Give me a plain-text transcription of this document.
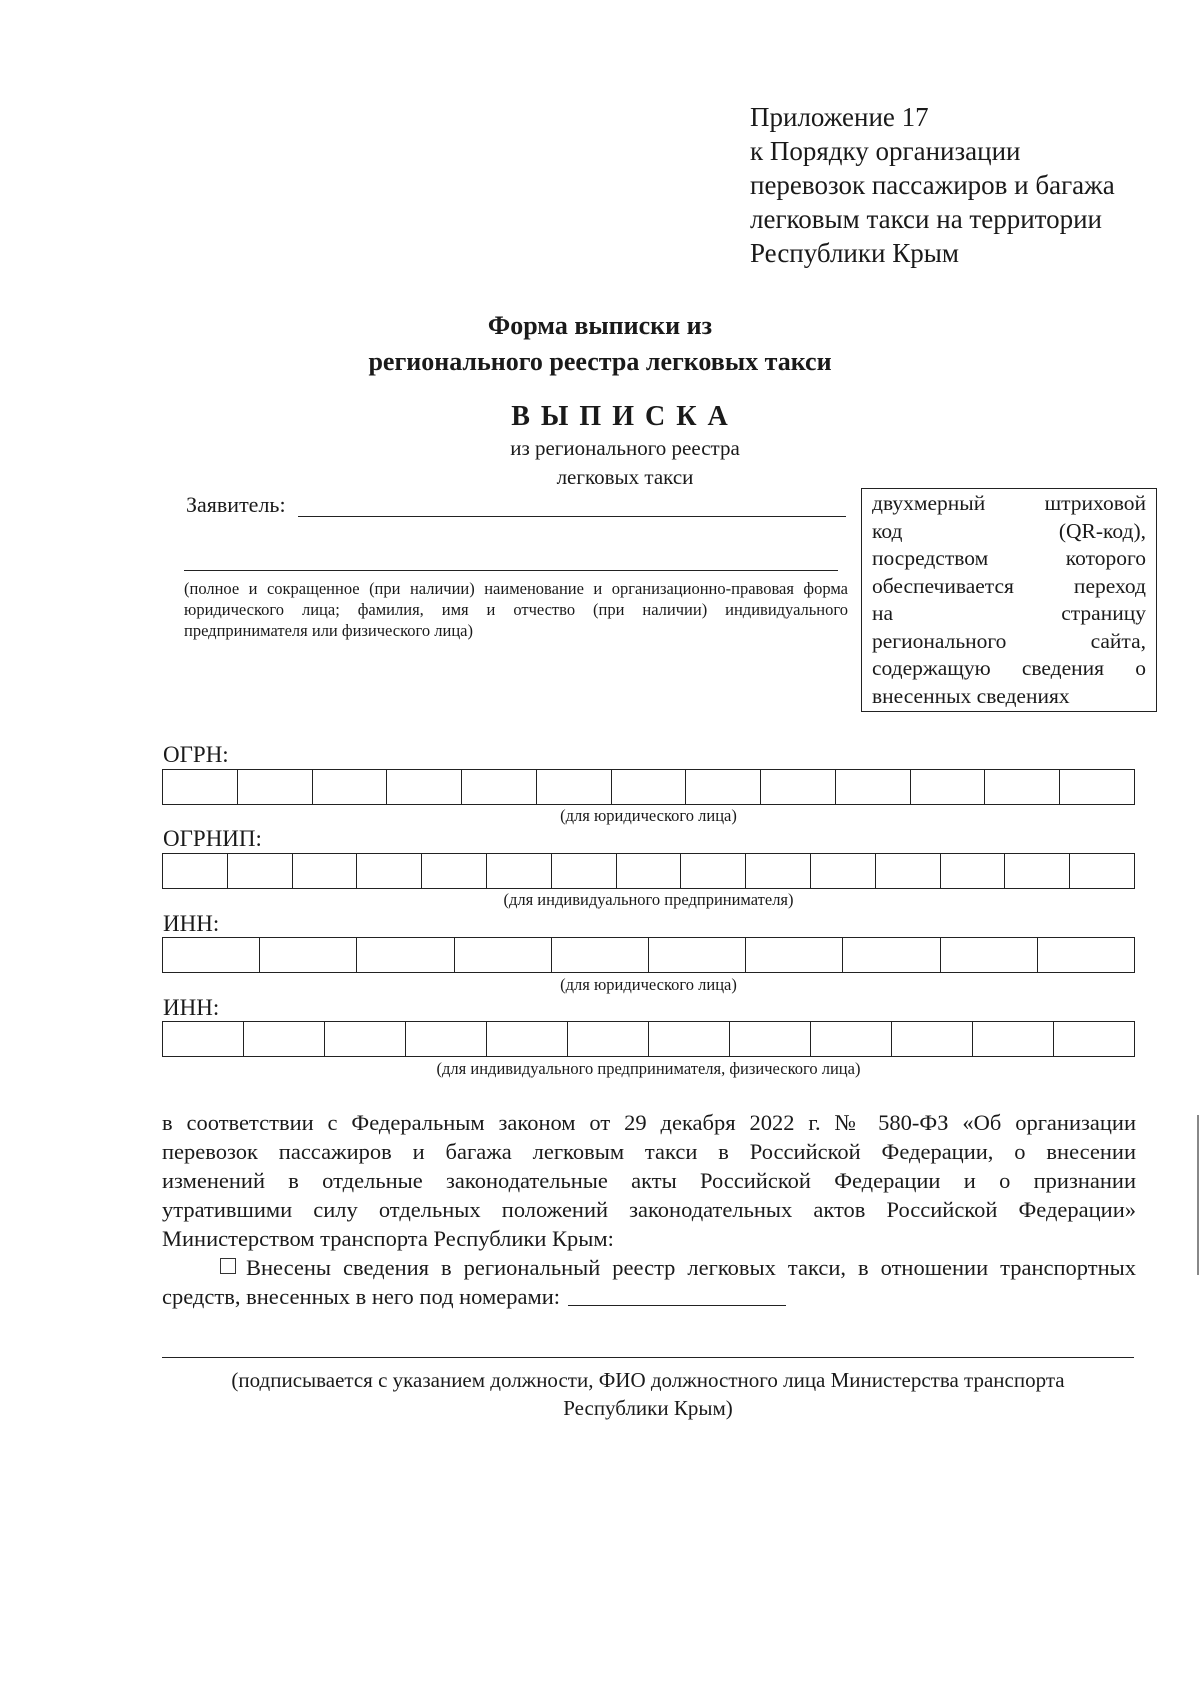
Приложение 17
к Порядку организации
перевозок пассажиров и багажа
легковым такси на территории
Республики Крым
Форма выписки из
регионального реестра легковых такси
ВЫПИСКА
из регионального реестра
легковых такси
Заявитель:
(полное и сокращенное (при наличии) наименование и организационно-правовая форма юридического лица; фамилия, имя и отчество (при наличии) индивидуального предпринимателя или физического лица)
двухмерный штриховой
код (QR-код),
посредством которого
обеспечивается переход
на страницу
регионального сайта,
содержащую сведения о
внесенных сведениях
ОГРН:
(для юридического лица)
ОГРНИП:
(для индивидуального предпринимателя)
ИНН:
(для юридического лица)
ИНН:
(для индивидуального предпринимателя, физического лица)
в соответствии с Федеральным законом от 29 декабря 2022 г. № 580-ФЗ «Об организации
перевозок пассажиров и багажа легковым такси в Российской Федерации, о внесении
изменений в отдельные законодательные акты Российской Федерации и о признании
утратившими силу отдельных положений законодательных актов Российской Федерации»
Министерством транспорта Республики Крым:
Внесены сведения в региональный реестр легковых такси, в отношении транспортных
средств, внесенных в него под номерами:
(подписывается с указанием должности, ФИО должностного лица Министерства транспорта
Республики Крым)
